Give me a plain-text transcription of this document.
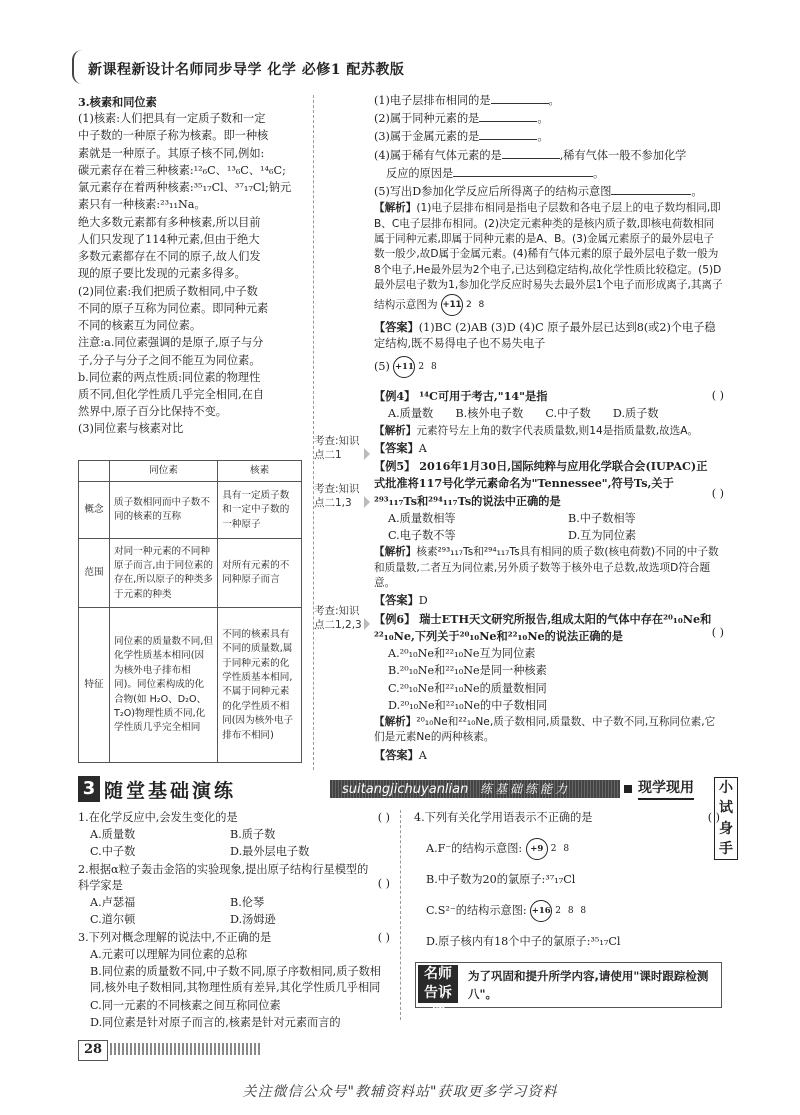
新课程新设计名师同步导学 化学 必修1 配苏教版

3.核素和同位素

(1)核素:人们把具有一定质子数和一定

中子数的一种原子称为核素。即一种核

素就是一种原子。其原子核不同,例如:

碳元素存在着三种核素:¹²₆C、¹³₆C、¹⁴₆C;

氯元素存在着两种核素:³⁵₁₇Cl、³⁷₁₇Cl;钠元

素只有一种核素:²³₁₁Na。

绝大多数元素都有多种核素,所以目前

人们只发现了114种元素,但由于绝大

多数元素都存在不同的原子,故人们发

现的原子要比发现的元素多得多。

(2)同位素:我们把质子数相同,中子数

不同的原子互称为同位素。即同种元素

不同的核素互为同位素。

注意:a.同位素强调的是原子,原子与分

子,分子与分子之间不能互为同位素。

b.同位素的两点性质:同位素的物理性

质不同,但化学性质几乎完全相同,在自

然界中,原子百分比保持不变。

(3)同位素与核素对比

	同位素	核素
概念	质子数相同而中子数不同的核素的互称	具有一定质子数和一定中子数的一种原子
范围	对同一种元素的不同种原子而言,由于同位素的存在,所以原子的种类多于元素的种类	对所有元素的不同种原子而言
特征	同位素的质量数不同,但化学性质基本相同(因为核外电子排布相同)。同位素构成的化合物(如 H₂O、D₂O、T₂O)物理性质不同,化学性质几乎完全相同	不同的核素具有不同的质量数,属于同种元素的化学性质基本相同,不属于同种元素的化学性质不相同(因为核外电子排布不相同)
考查:知识点二1
考查:知识点二1,3
考查:知识点二1,2,3

(1)电子层排布相同的是	。

(2)属于同种元素的是	。

(3)属于金属元素的是	。

(4)属于稀有气体元素的是	,稀有气体一般不参加化学

反应的原因是	。

(5)写出D参加化学反应后所得离子的结构示意图	。

【解析】(1)电子层排布相同是指电子层数和各电子层上的电子数均相同,即B、C电子层排布相同。(2)决定元素种类的是核内质子数,即核电荷数相同属于同种元素,即属于同种元素的是A、B。(3)金属元素原子的最外层电子数一般少,故D属于金属元素。(4)稀有气体元素的原子最外层电子数一般为8个电子,He最外层为2个电子,已达到稳定结构,故化学性质比较稳定。(5)D最外层电子数为1,参加化学反应时易失去最外层1个电子而形成离子,其离子结构示意图为 +11 2 8

【答案】(1)BC (2)AB (3)D (4)C 原子最外层已达到8(或2)个电子稳定结构,既不易得电子也不易失电子

(5) +11 2 8

( )
【例4】 ¹⁴C可用于考古,"14"是指

A.质量数 B.核外电子数 C.中子数 D.质子数

【解析】元素符号左上角的数字代表质量数,则14是指质量数,故选A。

【答案】A

( )
【例5】 2016年1月30日,国际纯粹与应用化学联合会(IUPAC)正式批准将117号化学元素命名为"Tennessee",符号Ts,关于²⁹³₁₁₇Ts和²⁹⁴₁₁₇Ts的说法中正确的是

A.质量数相等	B.中子数相等

C.电子数不等	D.互为同位素

【解析】核素²⁹³₁₁₇Ts和²⁹⁴₁₁₇Ts具有相同的质子数(核电荷数)不同的中子数和质量数,二者互为同位素,另外质子数等于核外电子总数,故选项D符合题意。

【答案】D

( )
【例6】 瑞士ETH天文研究所报告,组成太阳的气体中存在²⁰₁₀Ne和²²₁₀Ne,下列关于²⁰₁₀Ne和²²₁₀Ne的说法正确的是

A.²⁰₁₀Ne和²²₁₀Ne互为同位素

B.²⁰₁₀Ne和²²₁₀Ne是同一种核素

C.²⁰₁₀Ne和²²₁₀Ne的质量数相同

D.²⁰₁₀Ne和²²₁₀Ne的中子数相同

【解析】²⁰₁₀Ne和²²₁₀Ne,质子数相同,质量数、中子数不同,互称同位素,它们是元素Ne的两种核素。

【答案】A

3 随堂基础演练	suitangjichuyanlian 练基础练能力	现学现用	小试身手

( )
1.在化学反应中,会发生变化的是

A.质量数	B.质子数

C.中子数	D.最外层电子数

( )
2.根据α粒子轰击金箔的实验现象,提出原子结构行星模型的科学家是

A.卢瑟福	B.伦琴

C.道尔顿	D.汤姆逊

( )
3.下列对概念理解的说法中,不正确的是

A.元素可以理解为同位素的总称

B.同位素的质量数不同,中子数不同,原子序数相同,质子数相同,核外电子数相同,其物理性质有差异,其化学性质几乎相同

C.同一元素的不同核素之间互称同位素

D.同位素是针对原子而言的,核素是针对元素而言的

( )
4.下列有关化学用语表示不正确的是

A.F⁻的结构示意图: +9 2 8

B.中子数为20的氯原子:³⁷₁₇Cl

C.S²⁻的结构示意图: +16 2 8 8

D.原子核内有18个中子的氯原子:³⁵₁₇Cl

名师告诉你
为了巩固和提升所学内容,请使用"课时跟踪检测八"。
28
关注微信公众号"教辅资料站"获取更多学习资料
